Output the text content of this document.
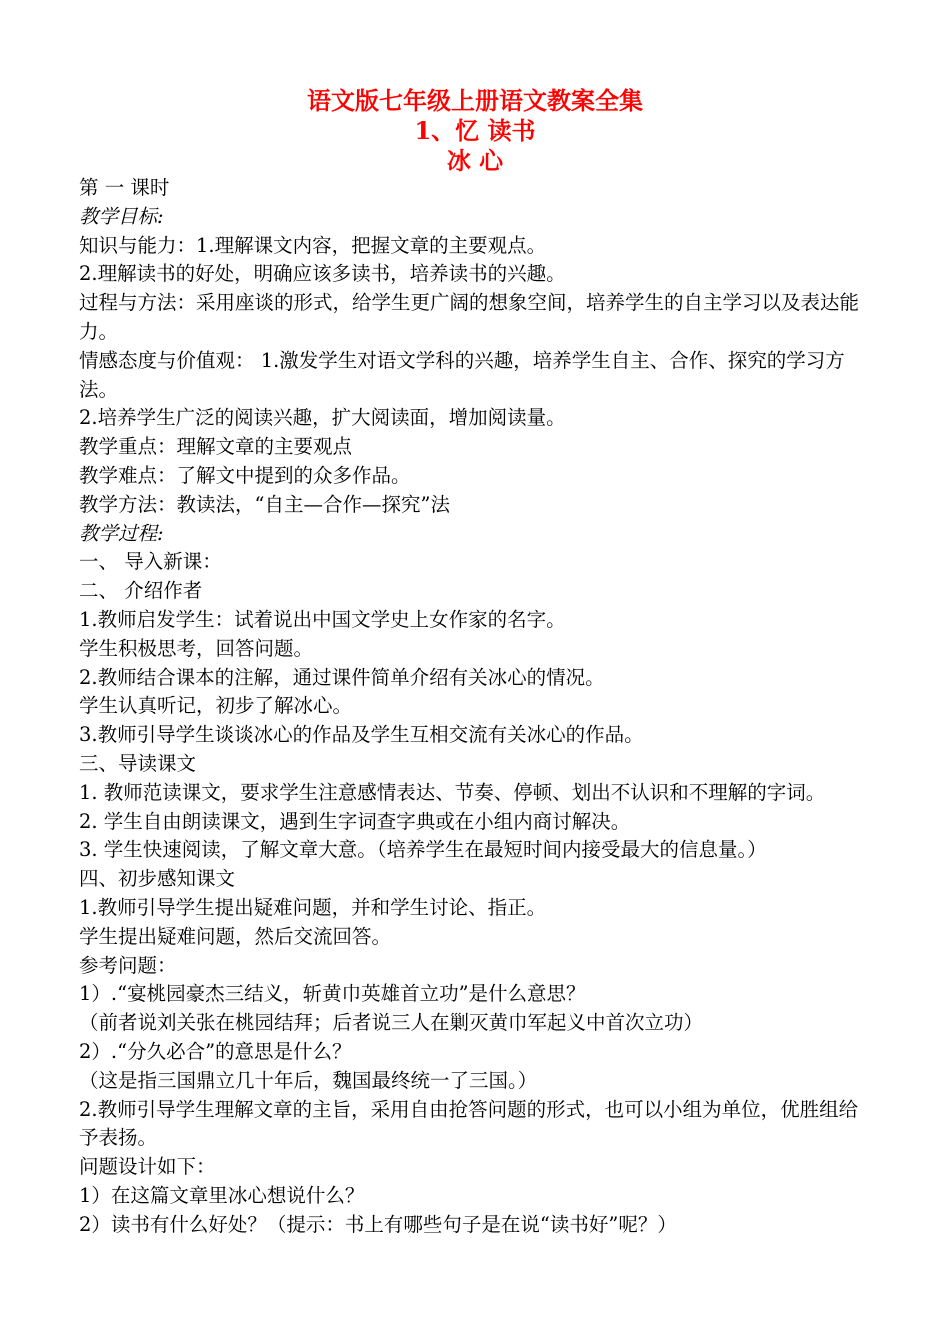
语文版七年级上册语文教案全集
1、忆 读书
冰 心
第 一 课时
教学目标:
知识与能力：1.理解课文内容，把握文章的主要观点。
2.理解读书的好处，明确应该多读书，培养读书的兴趣。
过程与方法：采用座谈的形式，给学生更广阔的想象空间，培养学生的自主学习以及表达能力。
情感态度与价值观： 1.激发学生对语文学科的兴趣，培养学生自主、合作、探究的学习方法。
2.培养学生广泛的阅读兴趣，扩大阅读面，增加阅读量。
教学重点：理解文章的主要观点
教学难点：了解文中提到的众多作品。
教学方法：教读法，“自主—合作—探究”法
教学过程:
一、 导入新课：
二、 介绍作者
1.教师启发学生：试着说出中国文学史上女作家的名字。
学生积极思考，回答问题。
2.教师结合课本的注解，通过课件简单介绍有关冰心的情况。
学生认真听记，初步了解冰心。
3.教师引导学生谈谈冰心的作品及学生互相交流有关冰心的作品。
三、导读课文
1. 教师范读课文，要求学生注意感情表达、节奏、停顿、划出不认识和不理解的字词。
2. 学生自由朗读课文，遇到生字词查字典或在小组内商讨解决。
3. 学生快速阅读，了解文章大意。（培养学生在最短时间内接受最大的信息量。）
四、初步感知课文
1.教师引导学生提出疑难问题，并和学生讨论、指正。
学生提出疑难问题，然后交流回答。
参考问题：
1）.“宴桃园豪杰三结义，斩黄巾英雄首立功”是什么意思？
（前者说刘关张在桃园结拜；后者说三人在剿灭黄巾军起义中首次立功）
2）.“分久必合”的意思是什么？
（这是指三国鼎立几十年后，魏国最终统一了三国。）
2.教师引导学生理解文章的主旨，采用自由抢答问题的形式，也可以小组为单位，优胜组给予表扬。
问题设计如下：
1）在这篇文章里冰心想说什么？
2）读书有什么好处？（提示：书上有哪些句子是在说“读书好”呢？）
